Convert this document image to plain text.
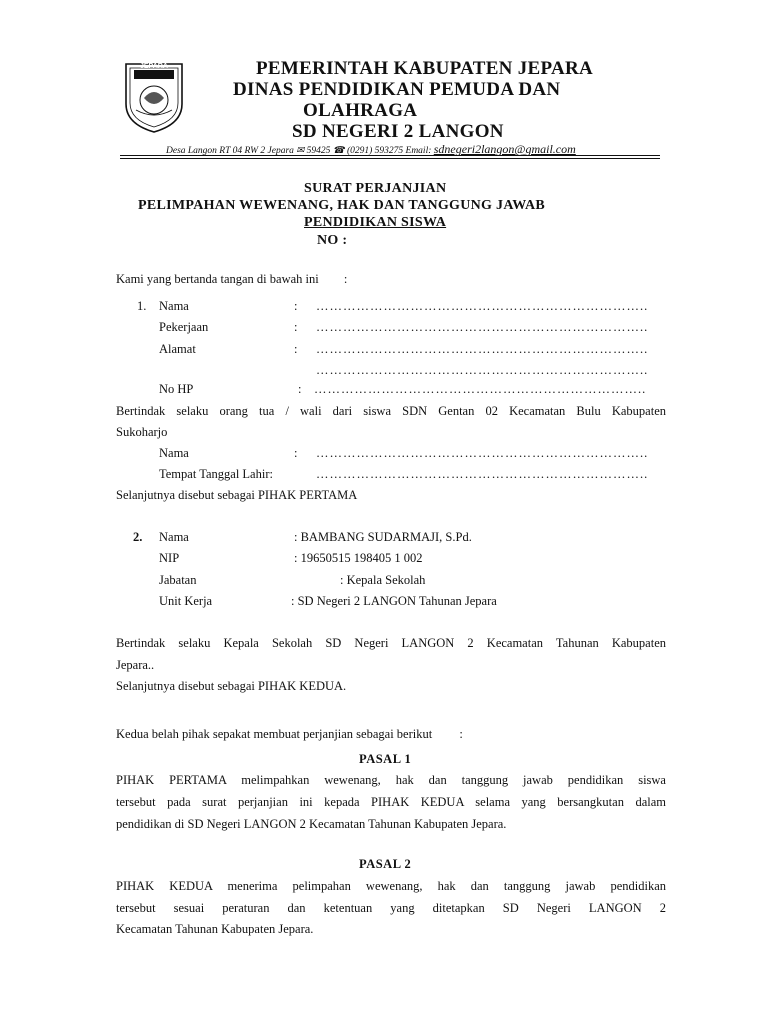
JEPARA	PEMERINTAH KABUPATEN JEPARA
DINAS PENDIDIKAN PEMUDA DAN
OLAHRAGA
SD NEGERI 2 LANGON
Desa Langon RT 04 RW 2 Jepara ✉ 59425 ☎ (0291) 593275 Email: sdnegeri2langon@gmail.com
SURAT PERJANJIAN
PELIMPAHAN WEWENANG, HAK DAN TANGGUNG JAWAB
PENDIDIKAN SISWA
NO :
Kami yang bertanda tangan di bawah ini :
1. Nama	: ………………………………………………………………..
Pekerjaan	: ………………………………………………………………..
Alamat	: ………………………………………………………………..
………………………………………………………………..
No HP	: ………………………………………………………………..
Bertindak selaku orang tua / wali dari siswa SDN Gentan 02 Kecamatan Bulu Kabupaten
Sukoharjo
Nama	: ………………………………………………………………..
Tempat Tanggal Lahir:	………………………………………………………………..
Selanjutnya disebut sebagai PIHAK PERTAMA
2. Nama	: BAMBANG SUDARMAJI, S.Pd.
NIP	: 19650515 198405 1 002
Jabatan	: Kepala Sekolah
Unit Kerja	: SD Negeri 2 LANGON Tahunan Jepara
Bertindak selaku Kepala Sekolah SD Negeri LANGON 2 Kecamatan Tahunan Kabupaten
Jepara..
Selanjutnya disebut sebagai PIHAK KEDUA.
Kedua belah pihak sepakat membuat perjanjian sebagai berikut :
PASAL 1
PIHAK PERTAMA melimpahkan wewenang, hak dan tanggung jawab pendidikan siswa
tersebut pada surat perjanjian ini kepada PIHAK KEDUA selama yang bersangkutan dalam
pendidikan di SD Negeri LANGON 2 Kecamatan Tahunan Kabupaten Jepara.
PASAL 2
PIHAK KEDUA menerima pelimpahan wewenang, hak dan tanggung jawab pendidikan
tersebut sesuai peraturan dan ketentuan yang ditetapkan SD Negeri LANGON 2
Kecamatan Tahunan Kabupaten Jepara.
